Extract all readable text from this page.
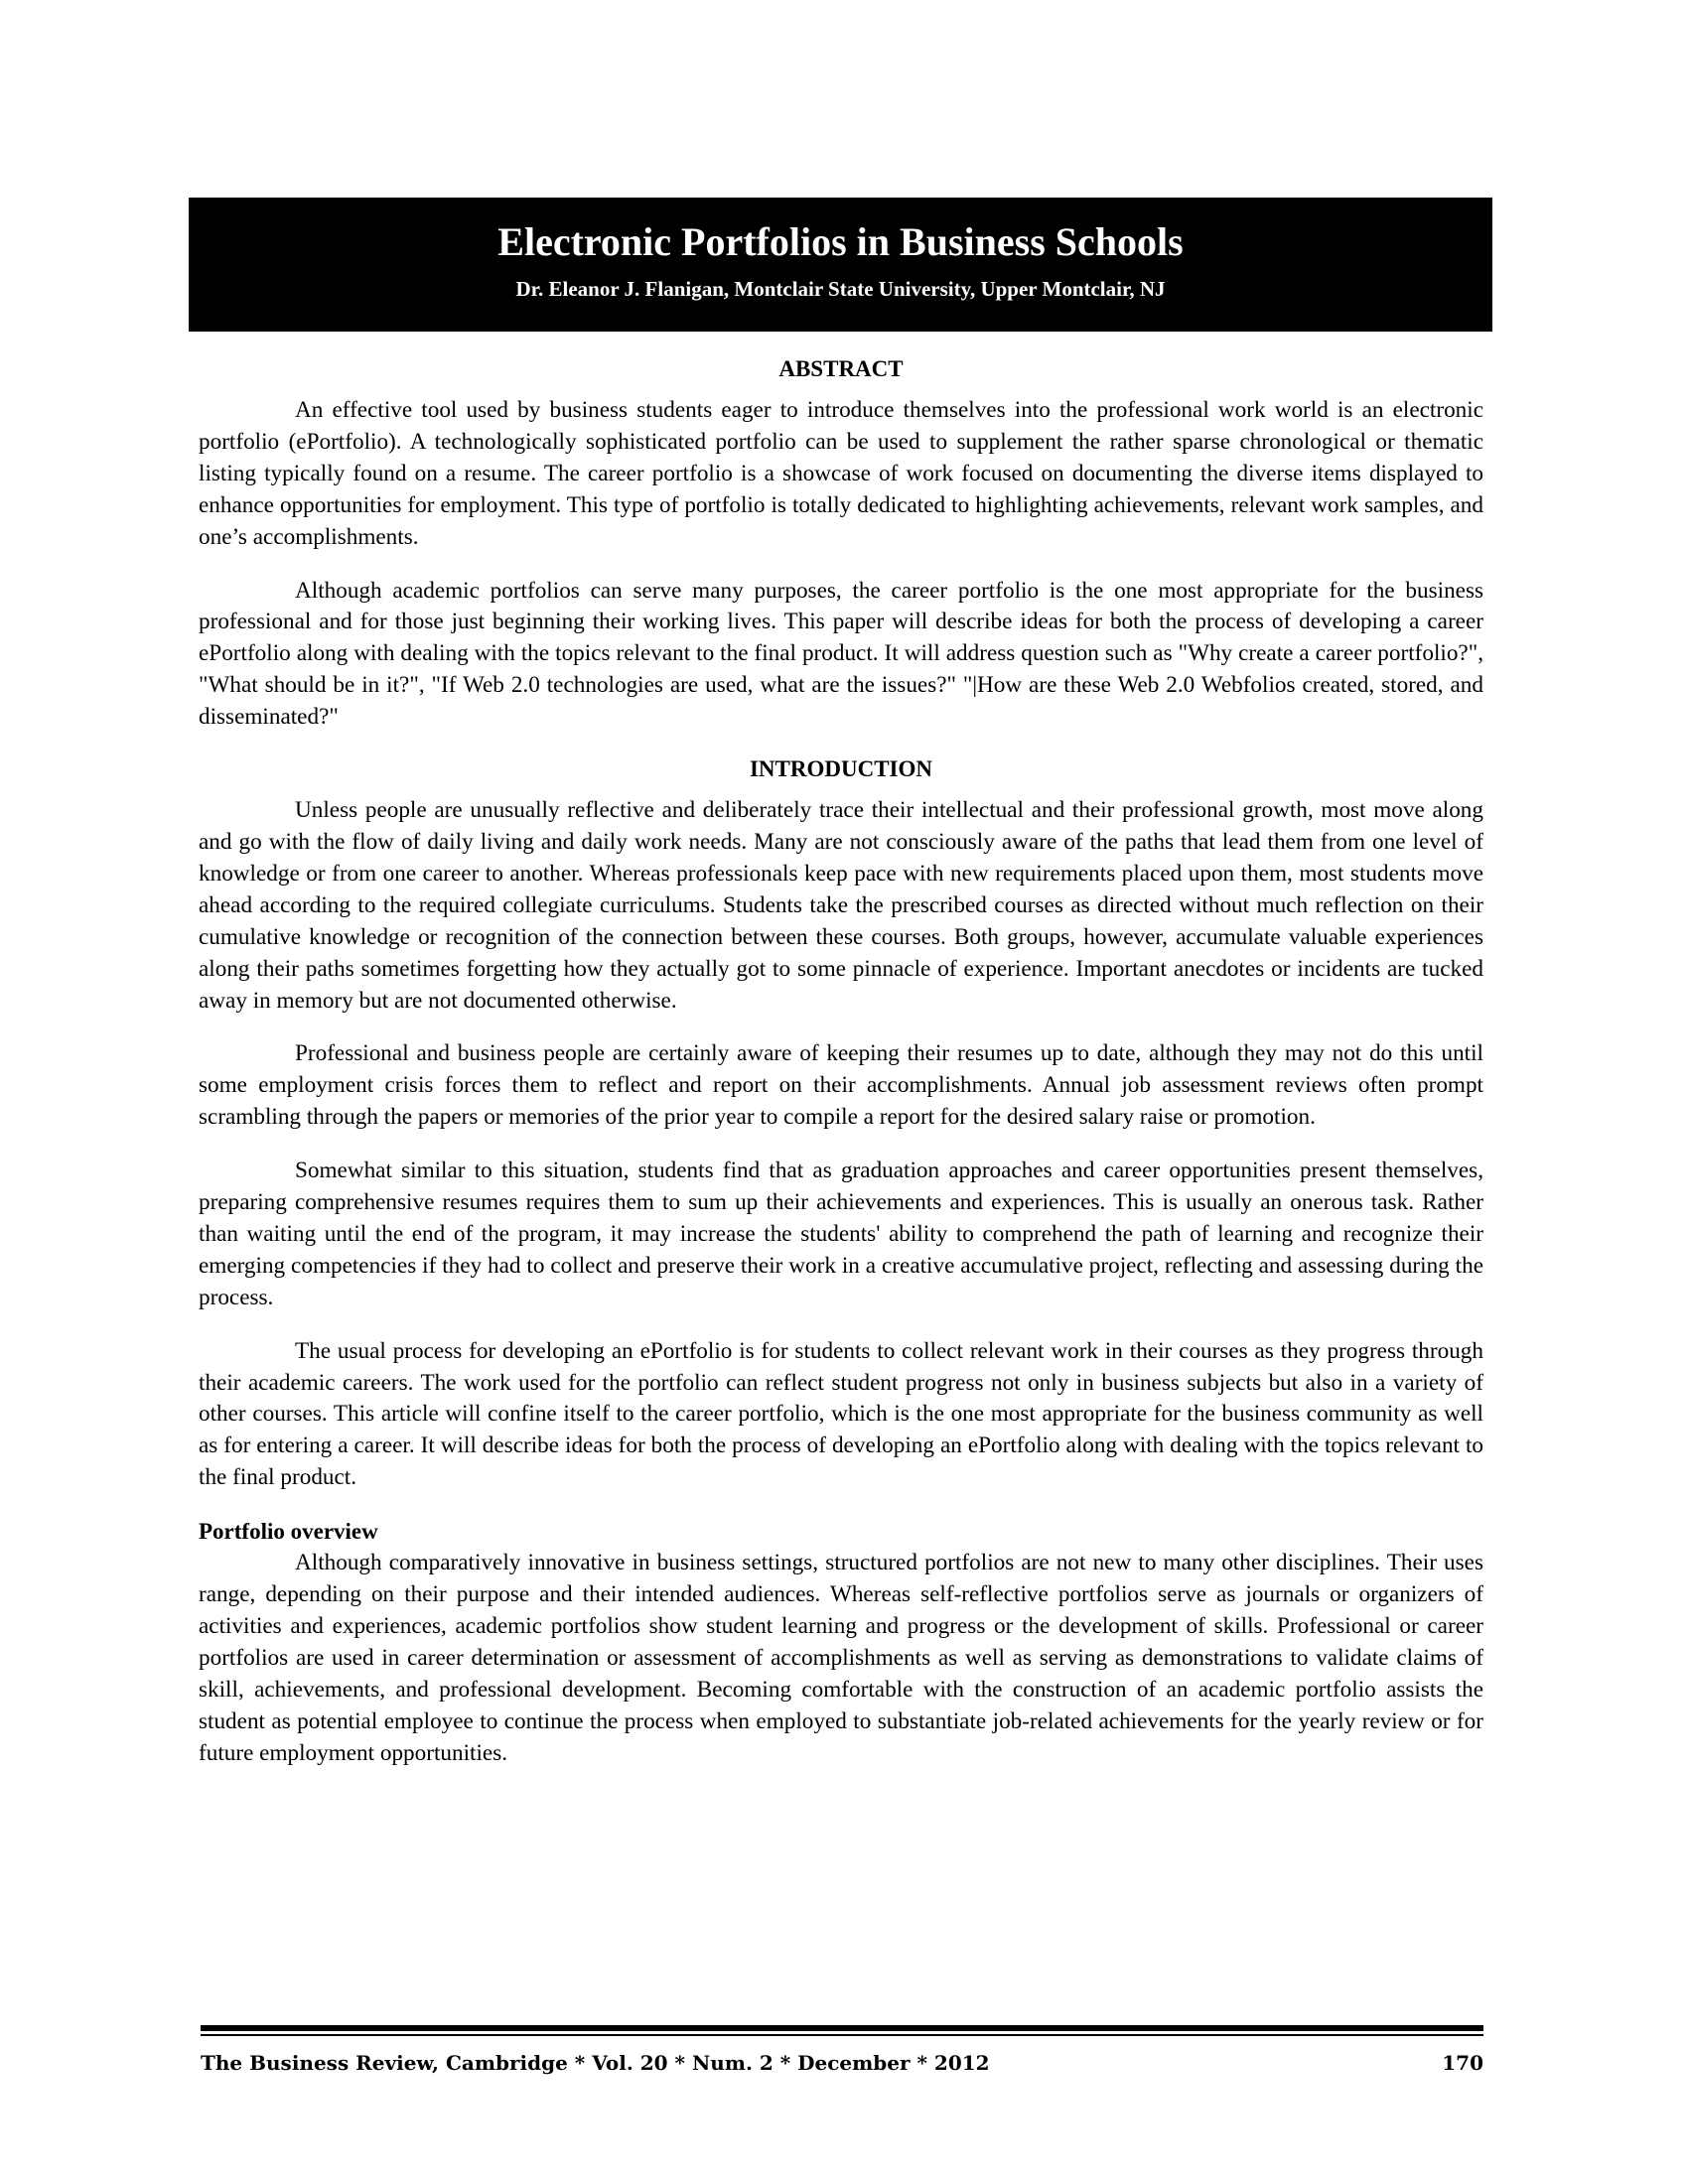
Electronic Portfolios in Business Schools
Dr. Eleanor J. Flanigan, Montclair State University, Upper Montclair, NJ
ABSTRACT

An effective tool used by business students eager to introduce themselves into the professional work world is an electronic portfolio (ePortfolio). A technologically sophisticated portfolio can be used to supplement the rather sparse chronological or thematic listing typically found on a resume. The career portfolio is a showcase of work focused on documenting the diverse items displayed to enhance opportunities for employment. This type of portfolio is totally dedicated to highlighting achievements, relevant work samples, and one’s accomplishments.

Although academic portfolios can serve many purposes, the career portfolio is the one most appropriate for the business professional and for those just beginning their working lives. This paper will describe ideas for both the process of developing a career ePortfolio along with dealing with the topics relevant to the final product. It will address question such as "Why create a career portfolio?", "What should be in it?", "If Web 2.0 technologies are used, what are the issues?" "|How are these Web 2.0 Webfolios created, stored, and disseminated?"

INTRODUCTION

Unless people are unusually reflective and deliberately trace their intellectual and their professional growth, most move along and go with the flow of daily living and daily work needs. Many are not consciously aware of the paths that lead them from one level of knowledge or from one career to another. Whereas professionals keep pace with new requirements placed upon them, most students move ahead according to the required collegiate curriculums. Students take the prescribed courses as directed without much reflection on their cumulative knowledge or recognition of the connection between these courses. Both groups, however, accumulate valuable experiences along their paths sometimes forgetting how they actually got to some pinnacle of experience. Important anecdotes or incidents are tucked away in memory but are not documented otherwise.

Professional and business people are certainly aware of keeping their resumes up to date, although they may not do this until some employment crisis forces them to reflect and report on their accomplishments. Annual job assessment reviews often prompt scrambling through the papers or memories of the prior year to compile a report for the desired salary raise or promotion.

Somewhat similar to this situation, students find that as graduation approaches and career opportunities present themselves, preparing comprehensive resumes requires them to sum up their achievements and experiences. This is usually an onerous task. Rather than waiting until the end of the program, it may increase the students' ability to comprehend the path of learning and recognize their emerging competencies if they had to collect and preserve their work in a creative accumulative project, reflecting and assessing during the process.

The usual process for developing an ePortfolio is for students to collect relevant work in their courses as they progress through their academic careers. The work used for the portfolio can reflect student progress not only in business subjects but also in a variety of other courses. This article will confine itself to the career portfolio, which is the one most appropriate for the business community as well as for entering a career. It will describe ideas for both the process of developing an ePortfolio along with dealing with the topics relevant to the final product.

Portfolio overview

Although comparatively innovative in business settings, structured portfolios are not new to many other disciplines. Their uses range, depending on their purpose and their intended audiences. Whereas self-reflective portfolios serve as journals or organizers of activities and experiences, academic portfolios show student learning and progress or the development of skills. Professional or career portfolios are used in career determination or assessment of accomplishments as well as serving as demonstrations to validate claims of skill, achievements, and professional development. Becoming comfortable with the construction of an academic portfolio assists the student as potential employee to continue the process when employed to substantiate job-related achievements for the yearly review or for future employment opportunities.

The Business Review, Cambridge * Vol. 20 * Num. 2 * December * 2012	170
